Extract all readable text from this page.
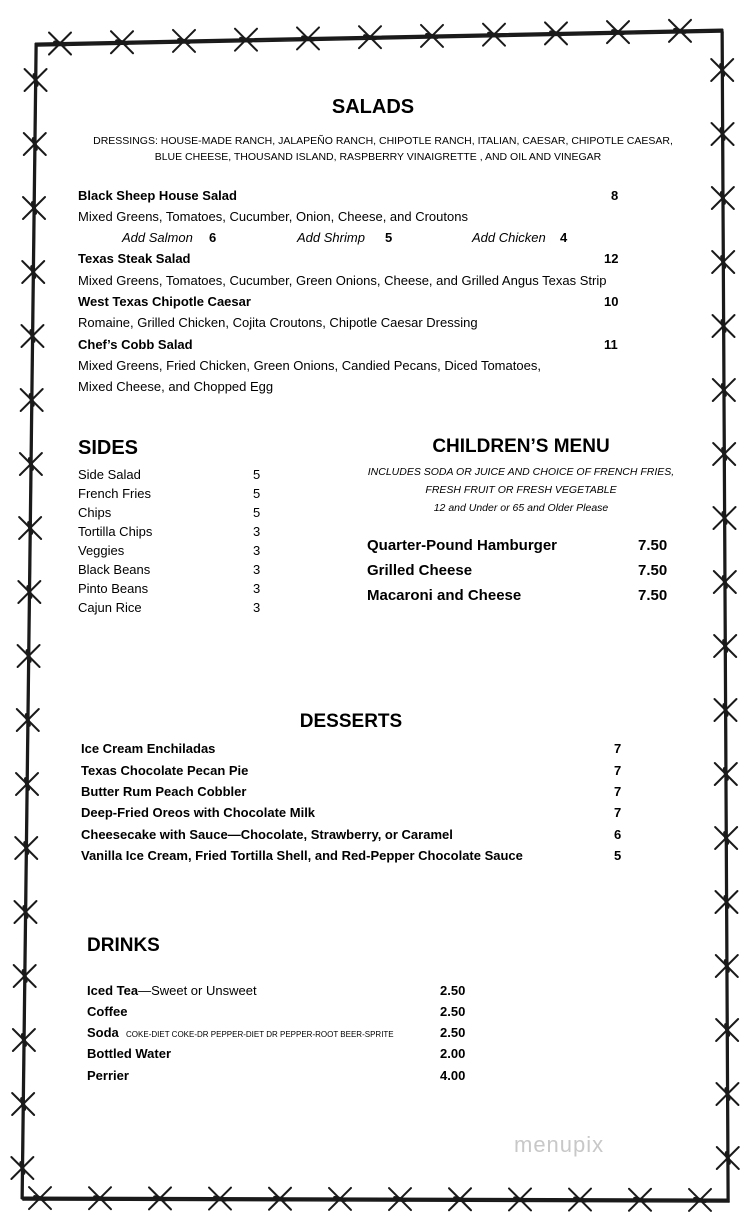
SALADS
DRESSINGS: HOUSE-MADE RANCH, JALAPEÑO RANCH, CHIPOTLE RANCH, ITALIAN, CAESAR, CHIPOTLE CAESAR,
BLUE CHEESE, THOUSAND ISLAND, RASPBERRY VINAIGRETTE , AND OIL AND VINEGAR
Black Sheep House Salad	8
Mixed Greens, Tomatoes, Cucumber, Onion, Cheese, and Croutons
Add Salmon 6	Add Shrimp 5	Add Chicken 4
Texas Steak Salad	12
Mixed Greens, Tomatoes, Cucumber, Green Onions, Cheese, and Grilled Angus Texas Strip
West Texas Chipotle Caesar	10
Romaine, Grilled Chicken, Cojita Croutons, Chipotle Caesar Dressing
Chef’s Cobb Salad	11
Mixed Greens, Fried Chicken, Green Onions, Candied Pecans, Diced Tomatoes,
Mixed Cheese, and Chopped Egg
SIDES
Side Salad	5
French Fries	5
Chips	5
Tortilla Chips	3
Veggies	3
Black Beans	3
Pinto Beans	3
Cajun Rice	3
CHILDREN’S MENU
INCLUDES SODA OR JUICE AND CHOICE OF FRENCH FRIES,
FRESH FRUIT OR FRESH VEGETABLE
12 and Under or 65 and Older Please
Quarter-Pound Hamburger	7.50
Grilled Cheese	7.50
Macaroni and Cheese	7.50
DESSERTS
Ice Cream Enchiladas	7
Texas Chocolate Pecan Pie	7
Butter Rum Peach Cobbler	7
Deep-Fried Oreos with Chocolate Milk	7
Cheesecake with Sauce—Chocolate, Strawberry, or Caramel	6
Vanilla Ice Cream, Fried Tortilla Shell, and Red-Pepper Chocolate Sauce	5
DRINKS
Iced Tea—Sweet or Unsweet	2.50
Coffee	2.50
Soda COKE-DIET COKE-DR PEPPER-DIET DR PEPPER-ROOT BEER-SPRITE	2.50
Bottled Water	2.00
Perrier	4.00
menupix
